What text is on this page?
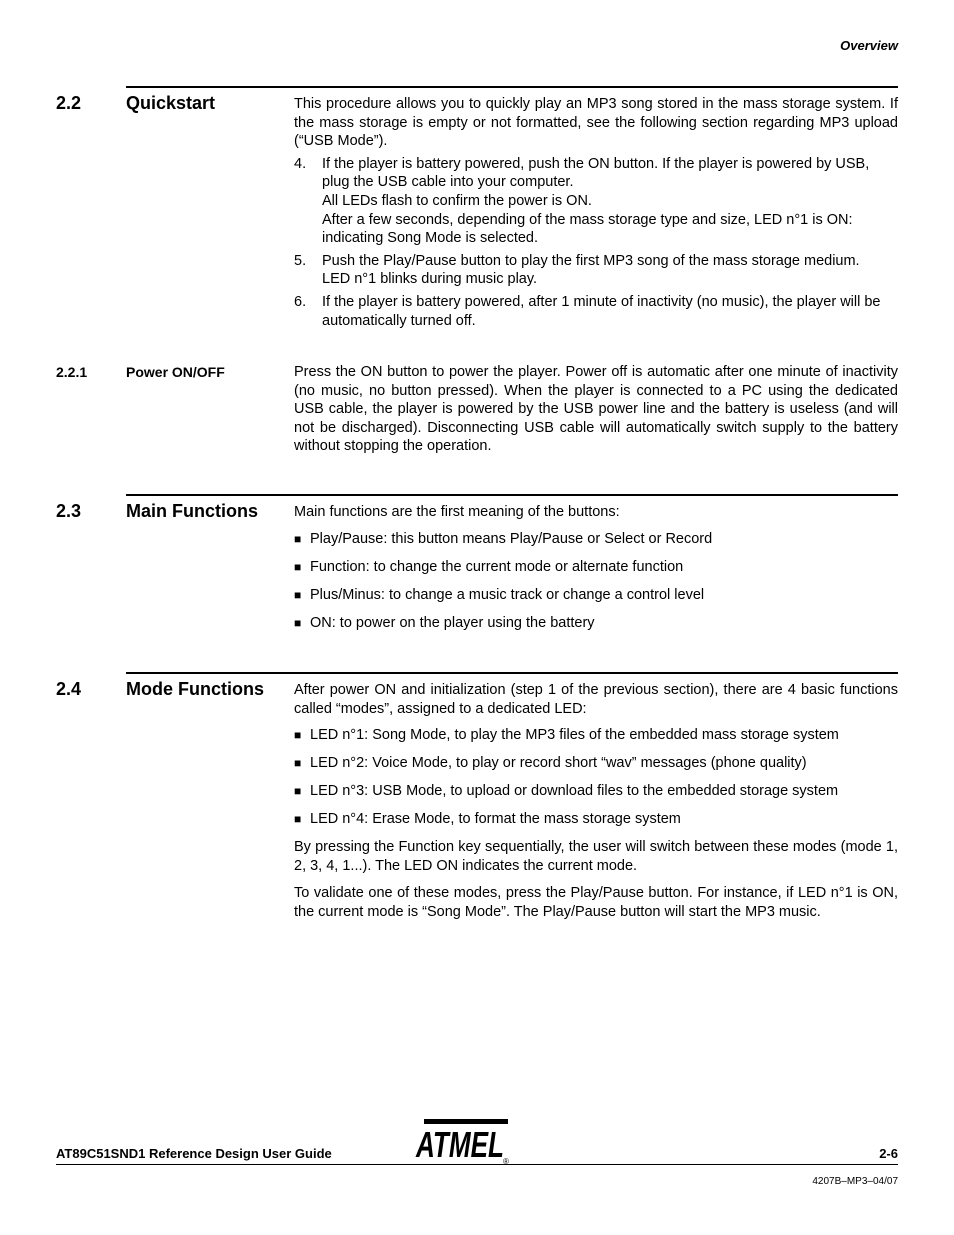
Overview
2.2 Quickstart	This procedure allows you to quickly play an MP3 song stored in the mass storage system. If the mass storage is empty or not formatted, see the following section regarding MP3 upload (“USB Mode”).

4.	If the player is battery powered, push the ON button. If the player is powered by USB, plug the USB cable into your computer.
All LEDs flash to confirm the power is ON.
After a few seconds, depending of the mass storage type and size, LED n°1 is ON: indicating Song Mode is selected.
5.	Push the Play/Pause button to play the first MP3 song of the mass storage medium.
LED n°1 blinks during music play.
6.	If the player is battery powered, after 1 minute of inactivity (no music), the player will be automatically turned off.
2.2.1	Power ON/OFF	Press the ON button to power the player. Power off is automatic after one minute of inactivity (no music, no button pressed). When the player is connected to a PC using the dedicated USB cable, the player is powered by the USB power line and the battery is useless (and will not be discharged). Disconnecting USB cable will automatically switch supply to the battery without stopping the operation.

2.3 Main Functions Main functions are the first meaning of the buttons:

■ Play/Pause: this button means Play/Pause or Select or Record
■ Function: to change the current mode or alternate function
■ Plus/Minus: to change a music track or change a control level
■ ON: to power on the player using the battery
2.4 Mode Functions After power ON and initialization (step 1 of the previous section), there are 4 basic functions called “modes”, assigned to a dedicated LED:

■ LED n°1: Song Mode, to play the MP3 files of the embedded mass storage system
■ LED n°2: Voice Mode, to play or record short “wav” messages (phone quality)
■ LED n°3: USB Mode, to upload or download files to the embedded storage system
■ LED n°4: Erase Mode, to format the mass storage system

By pressing the Function key sequentially, the user will switch between these modes (mode 1, 2, 3, 4, 1...). The LED ON indicates the current mode.

To validate one of these modes, press the Play/Pause button. For instance, if LED n°1 is ON, the current mode is “Song Mode”. The Play/Pause button will start the MP3 music.

ATMEL ®
AT89C51SND1 Reference Design User Guide	2-6
4207B–MP3–04/07
